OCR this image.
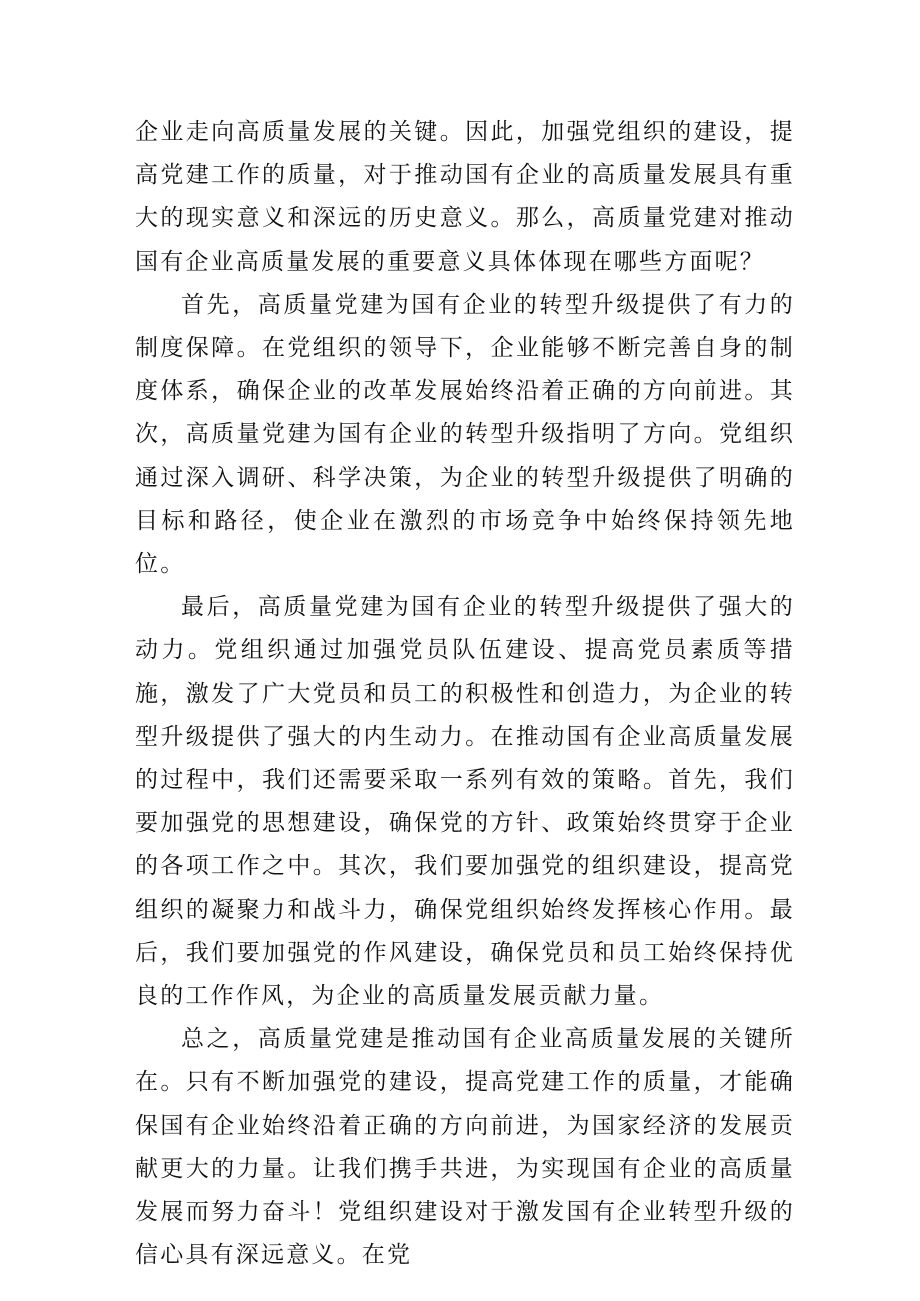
企业走向高质量发展的关键。因此，加强党组织的建设，提高党建工作的质量，对于推动国有企业的高质量发展具有重大的现实意义和深远的历史意义。那么，高质量党建对推动国有企业高质量发展的重要意义具体体现在哪些方面呢？

首先，高质量党建为国有企业的转型升级提供了有力的制度保障。在党组织的领导下，企业能够不断完善自身的制度体系，确保企业的改革发展始终沿着正确的方向前进。其次，高质量党建为国有企业的转型升级指明了方向。党组织通过深入调研、科学决策，为企业的转型升级提供了明确的目标和路径，使企业在激烈的市场竞争中始终保持领先地位。

最后，高质量党建为国有企业的转型升级提供了强大的动力。党组织通过加强党员队伍建设、提高党员素质等措施，激发了广大党员和员工的积极性和创造力，为企业的转型升级提供了强大的内生动力。在推动国有企业高质量发展的过程中，我们还需要采取一系列有效的策略。首先，我们要加强党的思想建设，确保党的方针、政策始终贯穿于企业的各项工作之中。其次，我们要加强党的组织建设，提高党组织的凝聚力和战斗力，确保党组织始终发挥核心作用。最后，我们要加强党的作风建设，确保党员和员工始终保持优良的工作作风，为企业的高质量发展贡献力量。

总之，高质量党建是推动国有企业高质量发展的关键所在。只有不断加强党的建设，提高党建工作的质量，才能确保国有企业始终沿着正确的方向前进，为国家经济的发展贡献更大的力量。让我们携手共进，为实现国有企业的高质量发展而努力奋斗！党组织建设对于激发国有企业转型升级的信心具有深远意义。在党
